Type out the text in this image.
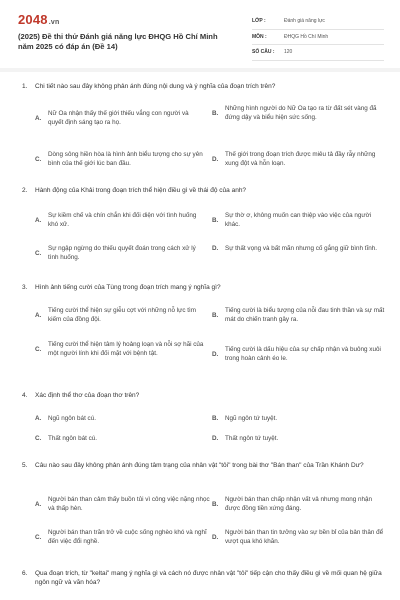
2048.vn
(2025) Đề thi thử Đánh giá năng lực ĐHQG Hồ Chí Minh năm 2025 có đáp án (Đề 14)
LỚP :	Đánh giá năng lực
MÔN :	ĐHQG Hồ Chí Minh
SỐ CÂU :	120
1.	Chi tiết nào sau đây không phản ánh đúng nội dung và ý nghĩa của đoạn trích trên?
A.
Nữ Oa nhận thấy thế giới thiếu vắng con người và quyết định sáng tạo ra họ.
B.
Những hình người do Nữ Oa tạo ra từ đất sét vàng đã đứng dậy và biểu hiện sức sống.
C.
Dòng sông hiền hòa là hình ảnh biểu tượng cho sự yên bình của thế giới lúc ban đầu.
D.
Thế giới trong đoạn trích được miêu tả đầy rẫy những xung đột và hỗn loạn.
2.	Hành động của Khải trong đoạn trích thể hiện điều gì về thái độ của anh?
A.
Sự kiềm chế và chín chắn khi đối diện với tình huống khó xử.
B.
Sự thờ ơ, không muốn can thiệp vào việc của người khác.
C.
Sự ngập ngừng do thiếu quyết đoán trong cách xử lý tình huống.
D.	Sự thất vọng và bất mãn nhưng cố gắng giữ bình tĩnh.
3.	Hình ảnh tiếng cười của Tùng trong đoạn trích mang ý nghĩa gì?
A.
Tiếng cười thể hiện sự giễu cợt với những nỗ lực tìm kiếm của đồng đội.
B.
Tiếng cười là biểu tượng của nỗi đau tinh thần và sự mất mát do chiến tranh gây ra.
C.
Tiếng cười thể hiện tâm lý hoảng loạn và nỗi sợ hãi của một người lính khi đối mặt với bệnh tật.	D.
Tiếng cười là dấu hiệu của sự chấp nhận và buông xuôi trong hoàn cảnh éo le.
4.	Xác định thể thơ của đoạn thơ trên?
A.	Ngũ ngôn bát cú.	B.	Ngũ ngôn tứ tuyệt.
C.	Thất ngôn bát cú.	D.	Thất ngôn tứ tuyệt.
5.	Câu nào sau đây không phản ánh đúng tâm trạng của nhân vật "tôi" trong bài thơ "Bán than" của Trần Khánh Dư?
A.
Người bán than cảm thấy buồn tủi vì công việc nặng nhọc và thấp hèn.
B.
Người bán than chấp nhận vất vả nhưng mong nhận được đồng tiền xứng đáng.
C.
Người bán than trăn trở về cuộc sống nghèo khó và nghĩ đến việc đổi nghề.
D.
Người bán than tin tưởng vào sự bền bỉ của bản thân để vượt qua khó khăn.
6.	Qua đoạn trích, từ "keltai" mang ý nghĩa gì và cách nó được nhân vật "tôi" tiếp cận cho thấy điều gì về mối quan hệ giữa ngôn ngữ và văn hóa?
